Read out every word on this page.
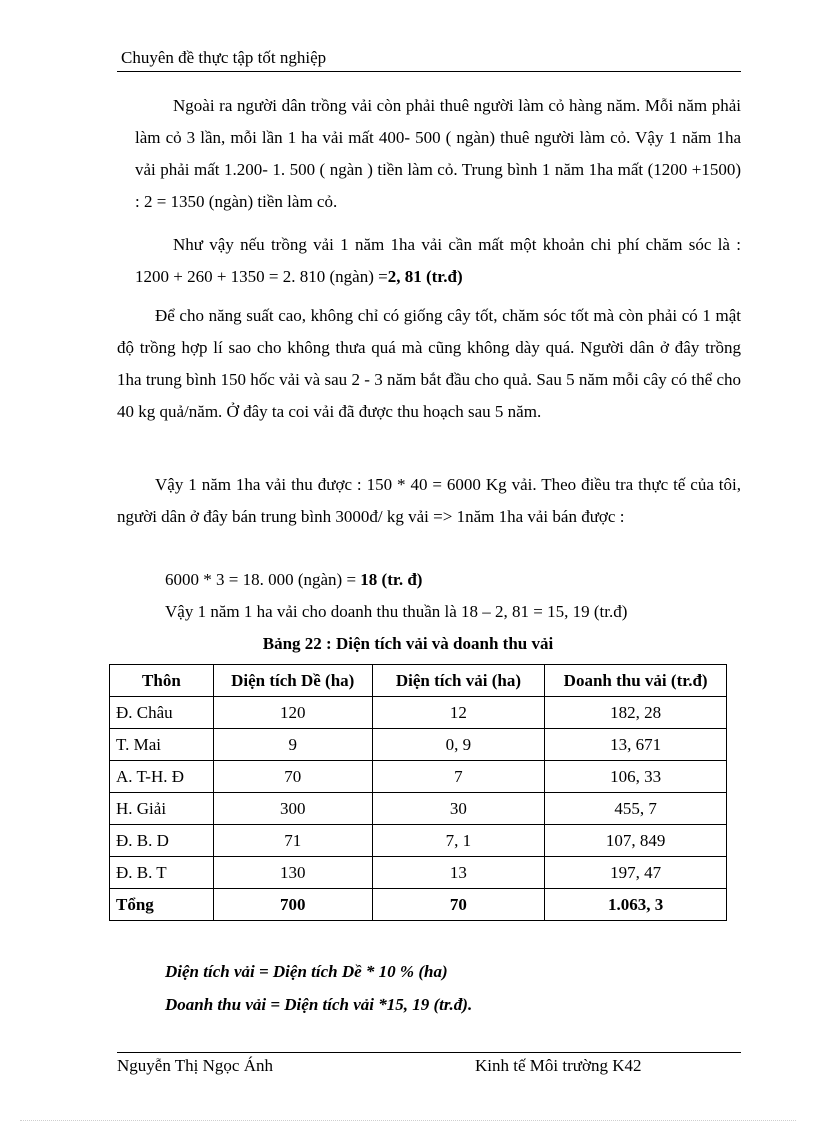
Chuyên đề thực tập tốt nghiệp

Ngoài ra người dân trồng vải còn phải thuê người làm cỏ hàng năm. Mỗi năm phải làm cỏ 3 lần, mỗi lần 1 ha vải mất 400- 500 ( ngàn) thuê người làm cỏ. Vậy 1 năm 1ha vải phải mất 1.200- 1. 500 ( ngàn ) tiền làm cỏ. Trung bình 1 năm 1ha mất (1200 +1500) : 2 = 1350 (ngàn) tiền làm cỏ.

Như vậy nếu trồng vải 1 năm 1ha vải cần mất một khoản chi phí chăm sóc là : 1200 + 260 + 1350 = 2. 810 (ngàn) =2, 81 (tr.đ)

Để cho năng suất cao, không chỉ có giống cây tốt, chăm sóc tốt mà còn phải có 1 mật độ trồng hợp lí sao cho không thưa quá mà cũng không dày quá. Người dân ở đây trồng 1ha trung bình 150 hốc vải và sau 2 - 3 năm bắt đầu cho quả. Sau 5 năm mỗi cây có thể cho 40 kg quả/năm. Ở đây ta coi vải đã được thu hoạch sau 5 năm.

Vậy 1 năm 1ha vải thu được : 150 * 40 = 6000 Kg vải. Theo điều tra thực tế của tôi, người dân ở đây bán trung bình 3000đ/ kg vải => 1năm 1ha vải bán được :

6000 * 3 = 18. 000 (ngàn) = 18 (tr. đ)
Vậy 1 năm 1 ha vải cho doanh thu thuần là 18 – 2, 81 = 15, 19 (tr.đ)
Bảng 22 : Diện tích vải và doanh thu vải
Thôn	Diện tích Dề (ha)	Diện tích vải (ha)	Doanh thu vải (tr.đ)
Đ. Châu	120	12	182, 28
T. Mai	9	0, 9	13, 671
A. T-H. Đ	70	7	106, 33
H. Giải	300	30	455, 7
Đ. B. D	71	7, 1	107, 849
Đ. B. T	130	13	197, 47
Tổng	700	70	1.063, 3
Diện tích vải = Diện tích Dề * 10 % (ha)
Doanh thu vải = Diện tích vải *15, 19 (tr.đ).
Nguyễn Thị Ngọc Ánh	Kinh tế Môi trường K42
